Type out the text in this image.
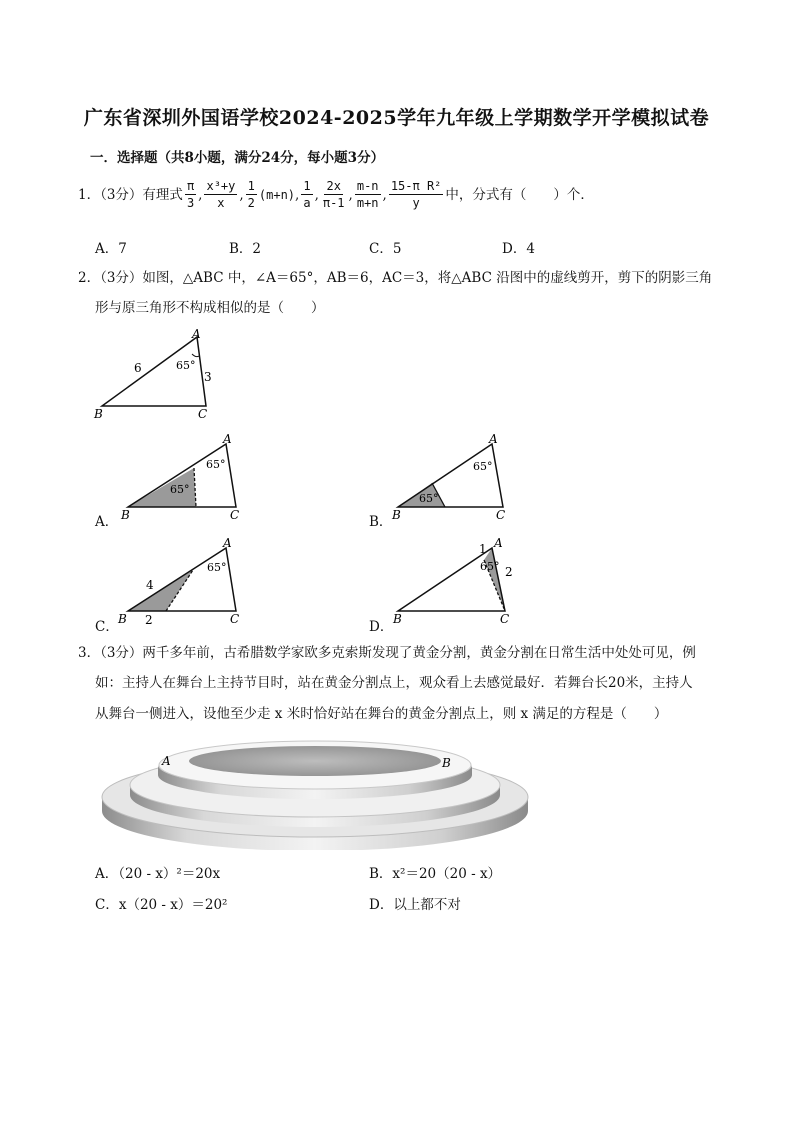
广东省深圳外国语学校2024-2025学年九年级上学期数学开学模拟试卷
一．选择题（共8小题，满分24分，每小题3分）
1．（3分）有理式 $\frac{\pi}{3}$ , $\frac{\text{x³+y}}{x}$ , $\frac{1}{2} (m+n)$ , $\frac{1}{a}$ , $\frac{2x}{\pi-1}$ , $\frac{m-n}{m+n}$ , $\frac{\text{15-π R²}}{y}$ 中，分式有（　　）个．
A．7	B．2	C．5	D．4
2．（3分）如图，△ABC 中，∠A＝65°，AB＝6，AC＝3，将△ABC 沿图中的虚线剪开，剪下的阴影三角
形与原三角形不构成相似的是（　　）
A
B	C
6
3
65°
A．
A
B	C
65°
65°
B．
A
B	C
65°
65°
C．
A
B	C
65°
4
2	D．
A
B	C
1
2
65°
3．（3分）两千多年前，古希腊数学家欧多克索斯发现了黄金分割，黄金分割在日常生活中处处可见，例
如：主持人在舞台上主持节目时，站在黄金分割点上，观众看上去感觉最好．若舞台长20米，主持人
从舞台一侧进入，设他至少走 x 米时恰好站在舞台的黄金分割点上，则 x 满足的方程是（　　）
A	B
A．（20 - x）²＝20x	B．x²＝20（20 - x）
C．x（20 - x）＝20²	D．以上都不对
